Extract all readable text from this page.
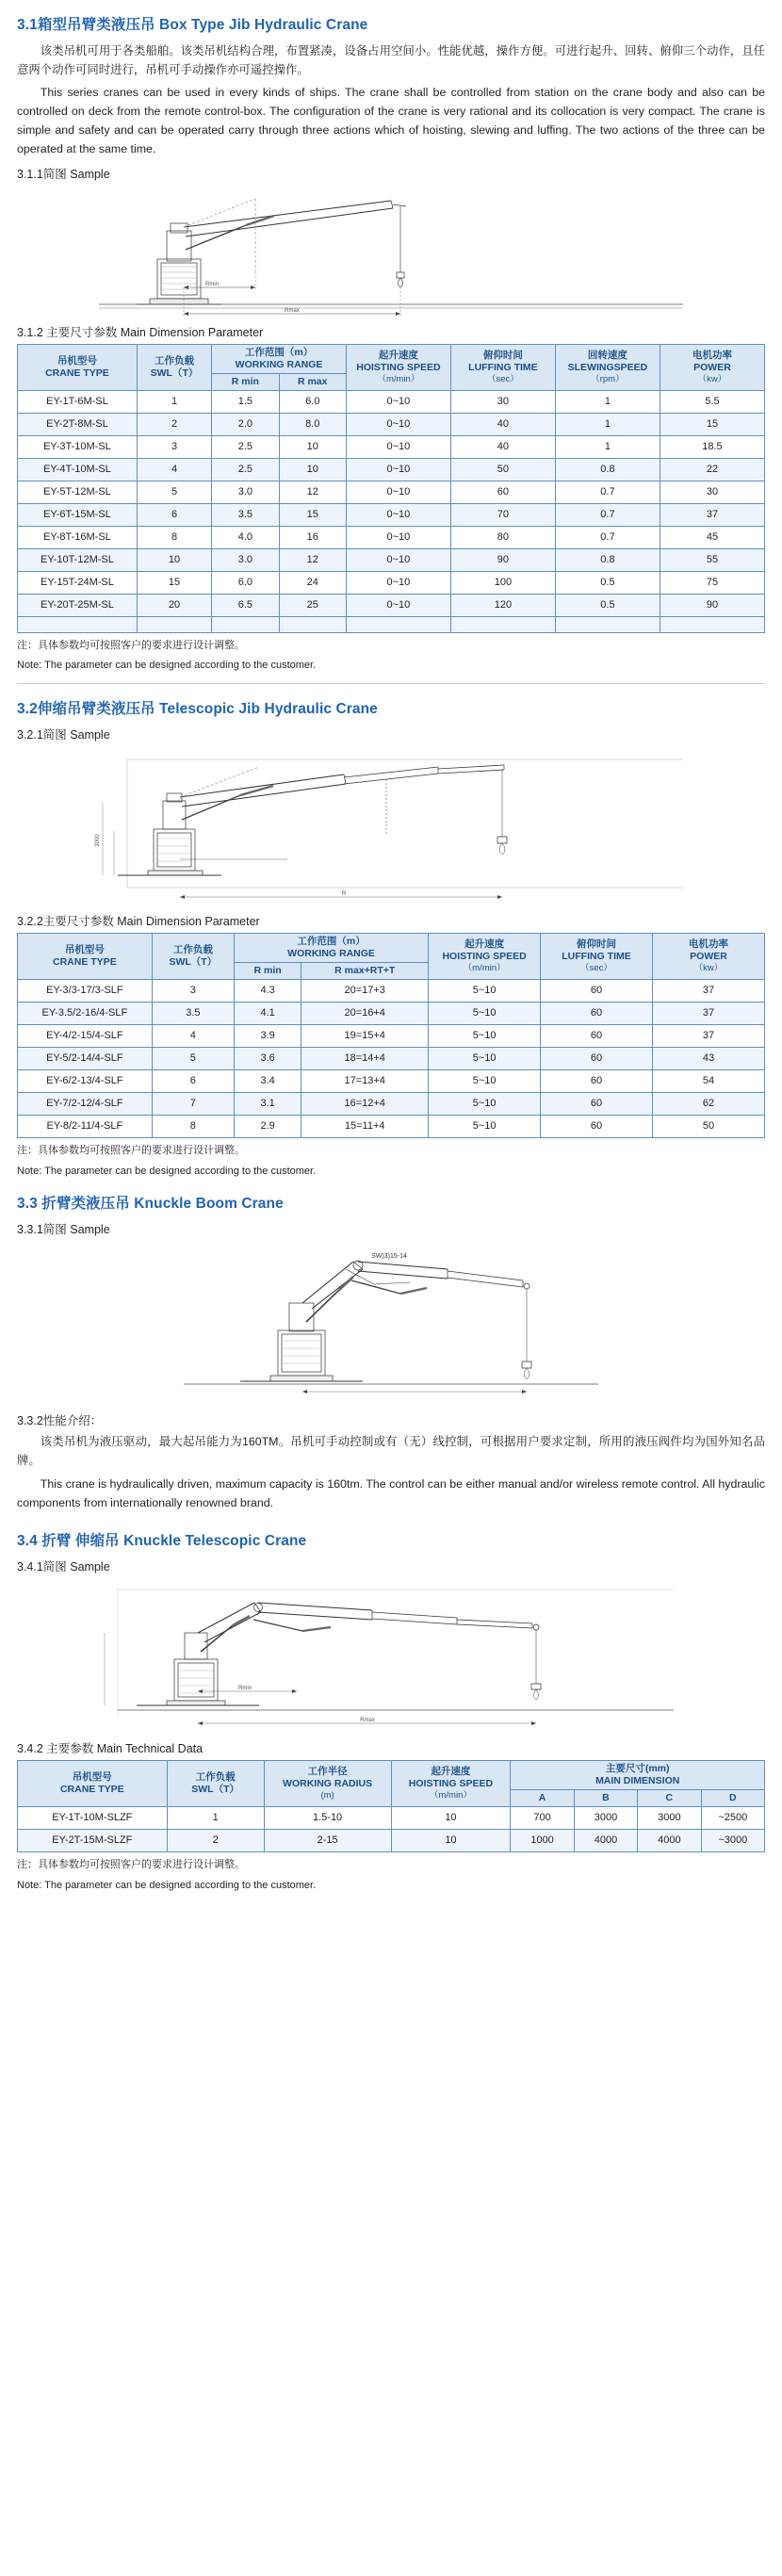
3.1箱型吊臂类液压吊 Box Type Jib Hydraulic Crane

该类吊机可用于各类船舶。该类吊机结构合理，布置紧凑，设备占用空间小。性能优越，操作方便。可进行起升、回转、俯仰三个动作，且任意两个动作可同时进行，吊机可手动操作亦可遥控操作。

This series cranes can be used in every kinds of ships. The crane shall be controlled from station on the crane body and also can be controlled on deck from the remote control-box. The configuration of the crane is very rational and its collocation is very compact. The crane is simple and safety and can be operated carry through three actions which of hoisting, slewing and luffing. The two actions of the three can be operated at the same time.

3.1.1简图 Sample
Rmin
Rmax
3.1.2 主要尺寸参数 Main Dimension Parameter
吊机型号
CRANE TYPE	工作负载
SWL（T）	工作范围（m）
WORKING RANGE		起升速度
HOISTING SPEED
（m/min）	俯仰时间
LUFFING TIME
（sec）	回转速度
SLEWINGSPEED
（rpm）	电机功率
POWER
（kw）

		R min	R max				
EY-1T-6M-SL	1	1.5	6.0	0~10	30	1	5.5
EY-2T-8M-SL	2	2.0	8.0	0~10	40	1	15
EY-3T-10M-SL	3	2.5	10	0~10	40	1	18.5
EY-4T-10M-SL	4	2.5	10	0~10	50	0.8	22
EY-5T-12M-SL	5	3.0	12	0~10	60	0.7	30
EY-6T-15M-SL	6	3.5	15	0~10	70	0.7	37
EY-8T-16M-SL	8	4.0	16	0~10	80	0.7	45
EY-10T-12M-SL	10	3.0	12	0~10	90	0.8	55
EY-15T-24M-SL	15	6.0	24	0~10	100	0.5	75
EY-20T-25M-SL	20	6.5	25	0~10	120	0.5	90

注：具体参数均可按照客户的要求进行设计调整。

Note: The parameter can be designed according to the customer.

3.2伸缩吊臂类液压吊 Telescopic Jib Hydraulic Crane
3.2.1简图 Sample
3000
R
3.2.2主要尺寸参数 Main Dimension Parameter
吊机型号
CRANE TYPE	工作负载
SWL（T）	工作范围（m）
WORKING RANGE		起升速度
HOISTING SPEED
（m/min）	俯仰时间
LUFFING TIME
（sec）	电机功率
POWER
（kw）

		R min	R max+RT+T			
EY-3/3-17/3-SLF	3	4.3	20=17+3	5~10	60	37
EY-3.5/2-16/4-SLF	3.5	4.1	20=16+4	5~10	60	37
EY-4/2-15/4-SLF	4	3.9	19=15+4	5~10	60	37
EY-5/2-14/4-SLF	5	3.6	18=14+4	5~10	60	43
EY-6/2-13/4-SLF	6	3.4	17=13+4	5~10	60	54
EY-7/2-12/4-SLF	7	3.1	16=12+4	5~10	60	62
EY-8/2-11/4-SLF	8	2.9	15=11+4	5~10	60	50

注：具体参数均可按照客户的要求进行设计调整。

Note: The parameter can be designed according to the customer.

3.3 折臂类液压吊 Knuckle Boom Crane
3.3.1简图 Sample
SW)3)15-14
3.3.2性能介绍：

该类吊机为液压驱动，最大起吊能力为160TM。吊机可手动控制或有（无）线控制，可根据用户要求定制，所用的液压阀件均为国外知名品牌。

This crane is hydraulically driven, maximum capacity is 160tm. The control can be either manual and/or wireless remote control. All hydraulic components from internationally renowned brand.

3.4 折臂 伸缩吊 Knuckle Telescopic Crane
3.4.1简图 Sample
Rmin
Rmax
3.4.2 主要参数 Main Technical Data
吊机型号
CRANE TYPE	工作负载
SWL（T）	工作半径
WORKING RADIUS
(m)	起升速度
HOISTING SPEED
（m/min）	主要尺寸(mm)
MAIN DIMENSION			

				A	B	C	D
EY-1T-10M-SLZF	1	1.5-10	10	700	3000	3000	~2500
EY-2T-15M-SLZF	2	2-15	10	1000	4000	4000	~3000

注：具体参数均可按照客户的要求进行设计调整。

Note: The parameter can be designed according to the customer.
